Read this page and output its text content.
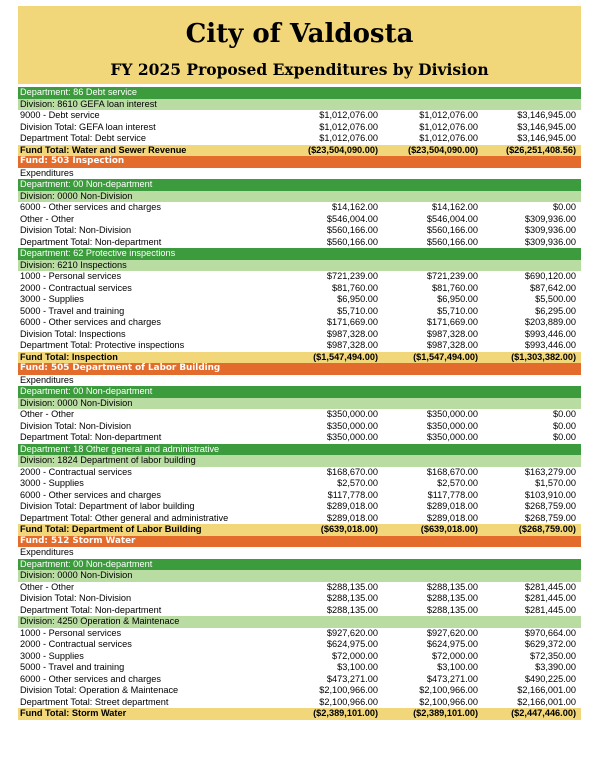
City of Valdosta
FY 2025 Proposed Expenditures by Division
Department: 86 Debt service
Division: 8610 GEFA loan interest
9000 - Debt service	$1,012,076.00	$1,012,076.00	$3,146,945.00
Division Total: GEFA loan interest	$1,012,076.00	$1,012,076.00	$3,146,945.00
Department Total: Debt service	$1,012,076.00	$1,012,076.00	$3,146,945.00
Fund Total: Water and Sewer Revenue	($23,504,090.00)	($23,504,090.00)	($26,251,408.56)
Fund: 503 Inspection
Expenditures
Department: 00 Non-department
Division: 0000 Non-Division
6000 - Other services and charges	$14,162.00	$14,162.00	$0.00
Other - Other	$546,004.00	$546,004.00	$309,936.00
Division Total: Non-Division	$560,166.00	$560,166.00	$309,936.00
Department Total: Non-department	$560,166.00	$560,166.00	$309,936.00
Department: 62 Protective inspections
Division: 6210 Inspections
1000 - Personal services	$721,239.00	$721,239.00	$690,120.00
2000 - Contractual services	$81,760.00	$81,760.00	$87,642.00
3000 - Supplies	$6,950.00	$6,950.00	$5,500.00
5000 - Travel and training	$5,710.00	$5,710.00	$6,295.00
6000 - Other services and charges	$171,669.00	$171,669.00	$203,889.00
Division Total: Inspections	$987,328.00	$987,328.00	$993,446.00
Department Total: Protective inspections	$987,328.00	$987,328.00	$993,446.00
Fund Total: Inspection	($1,547,494.00)	($1,547,494.00)	($1,303,382.00)
Fund: 505 Department of Labor Building
Expenditures
Department: 00 Non-department
Division: 0000 Non-Division
Other - Other	$350,000.00	$350,000.00	$0.00
Division Total: Non-Division	$350,000.00	$350,000.00	$0.00
Department Total: Non-department	$350,000.00	$350,000.00	$0.00
Department: 18 Other general and administrative
Division: 1824 Department of labor building
2000 - Contractual services	$168,670.00	$168,670.00	$163,279.00
3000 - Supplies	$2,570.00	$2,570.00	$1,570.00
6000 - Other services and charges	$117,778.00	$117,778.00	$103,910.00
Division Total: Department of labor building	$289,018.00	$289,018.00	$268,759.00
Department Total: Other general and administrative	$289,018.00	$289,018.00	$268,759.00
Fund Total: Department of Labor Building	($639,018.00)	($639,018.00)	($268,759.00)
Fund: 512 Storm Water
Expenditures
Department: 00 Non-department
Division: 0000 Non-Division
Other - Other	$288,135.00	$288,135.00	$281,445.00
Division Total: Non-Division	$288,135.00	$288,135.00	$281,445.00
Department Total: Non-department	$288,135.00	$288,135.00	$281,445.00
Division: 4250 Operation & Maintenace
1000 - Personal services	$927,620.00	$927,620.00	$970,664.00
2000 - Contractual services	$624,975.00	$624,975.00	$629,372.00
3000 - Supplies	$72,000.00	$72,000.00	$72,350.00
5000 - Travel and training	$3,100.00	$3,100.00	$3,390.00
6000 - Other services and charges	$473,271.00	$473,271.00	$490,225.00
Division Total: Operation & Maintenace	$2,100,966.00	$2,100,966.00	$2,166,001.00
Department Total: Street department	$2,100,966.00	$2,100,966.00	$2,166,001.00
Fund Total: Storm Water	($2,389,101.00)	($2,389,101.00)	($2,447,446.00)
